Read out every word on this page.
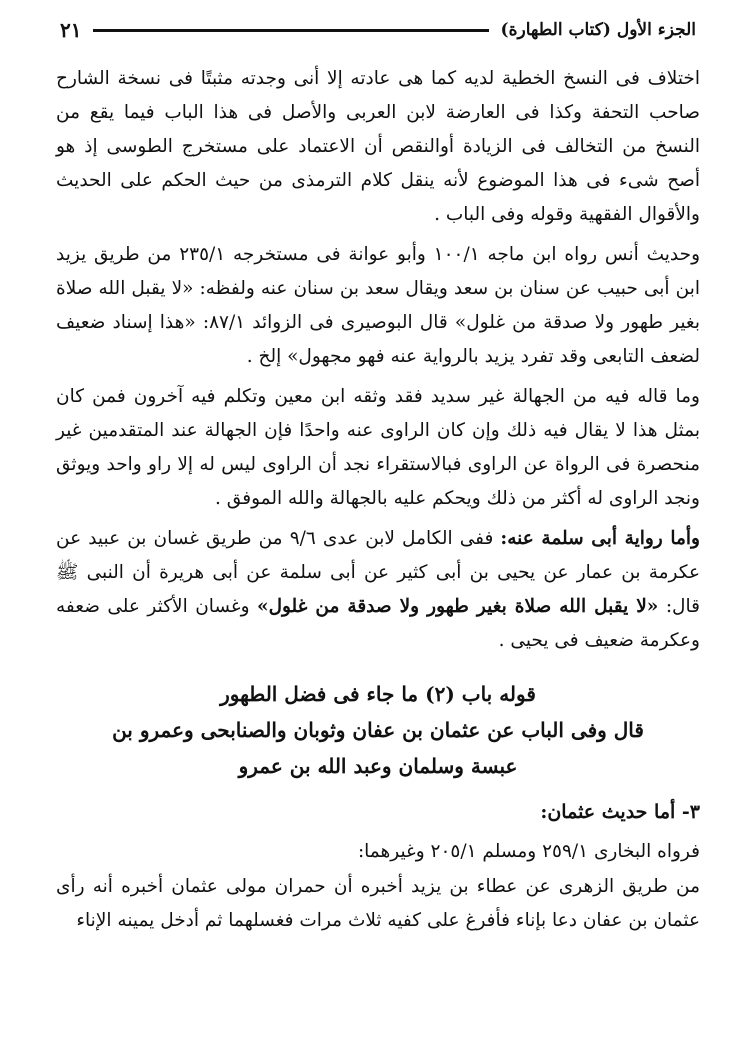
الجزء الأول (كتاب الطهارة)
٢١

اختلاف فى النسخ الخطية لديه كما هى عادته إلا أنى وجدته مثبتًا فى نسخة الشارح صاحب التحفة وكذا فى العارضة لابن العربى والأصل فى هذا الباب فيما يقع من النسخ من التخالف فى الزيادة أوالنقص أن الاعتماد على مستخرج الطوسى إذ هو أصح شىء فى هذا الموضوع لأنه ينقل كلام الترمذى من حيث الحكم على الحديث والأقوال الفقهية وقوله وفى الباب .

وحديث أنس رواه ابن ماجه ١٠٠/١ وأبو عوانة فى مستخرجه ٢٣٥/١ من طريق يزيد ابن أبى حبيب عن سنان بن سعد ويقال سعد بن سنان عنه ولفظه: «لا يقبل الله صلاة بغير طهور ولا صدقة من غلول» قال البوصيرى فى الزوائد ٨٧/١: «هذا إسناد ضعيف لضعف التابعى وقد تفرد يزيد بالرواية عنه فهو مجهول» إلخ .

وما قاله فيه من الجهالة غير سديد فقد وثقه ابن معين وتكلم فيه آخرون فمن كان بمثل هذا لا يقال فيه ذلك وإن كان الراوى عنه واحدًا فإن الجهالة عند المتقدمين غير منحصرة فى الرواة عن الراوى فبالاستقراء نجد أن الراوى ليس له إلا راو واحد ويوثق ونجد الراوى له أكثر من ذلك ويحكم عليه بالجهالة والله الموفق .

وأما رواية أبى سلمة عنه: ففى الكامل لابن عدى ٩/٦ من طريق غسان بن عبيد عن عكرمة بن عمار عن يحيى بن أبى كثير عن أبى سلمة عن أبى هريرة أن النبى ﷺ قال: «لا يقبل الله صلاة بغير طهور ولا صدقة من غلول» وغسان الأكثر على ضعفه وعكرمة ضعيف فى يحيى .

قوله باب (٢) ما جاء فى فضل الطهور

قال وفى الباب عن عثمان بن عفان وثوبان والصنابحى وعمرو بن

عبسة وسلمان وعبد الله بن عمرو

٣- أما حديث عثمان:

فرواه البخارى ٢٥٩/١ ومسلم ٢٠٥/١ وغيرهما:

من طريق الزهرى عن عطاء بن يزيد أخبره أن حمران مولى عثمان أخبره أنه رأى عثمان بن عفان دعا بإناء فأفرغ على كفيه ثلاث مرات فغسلهما ثم أدخل يمينه الإناء
